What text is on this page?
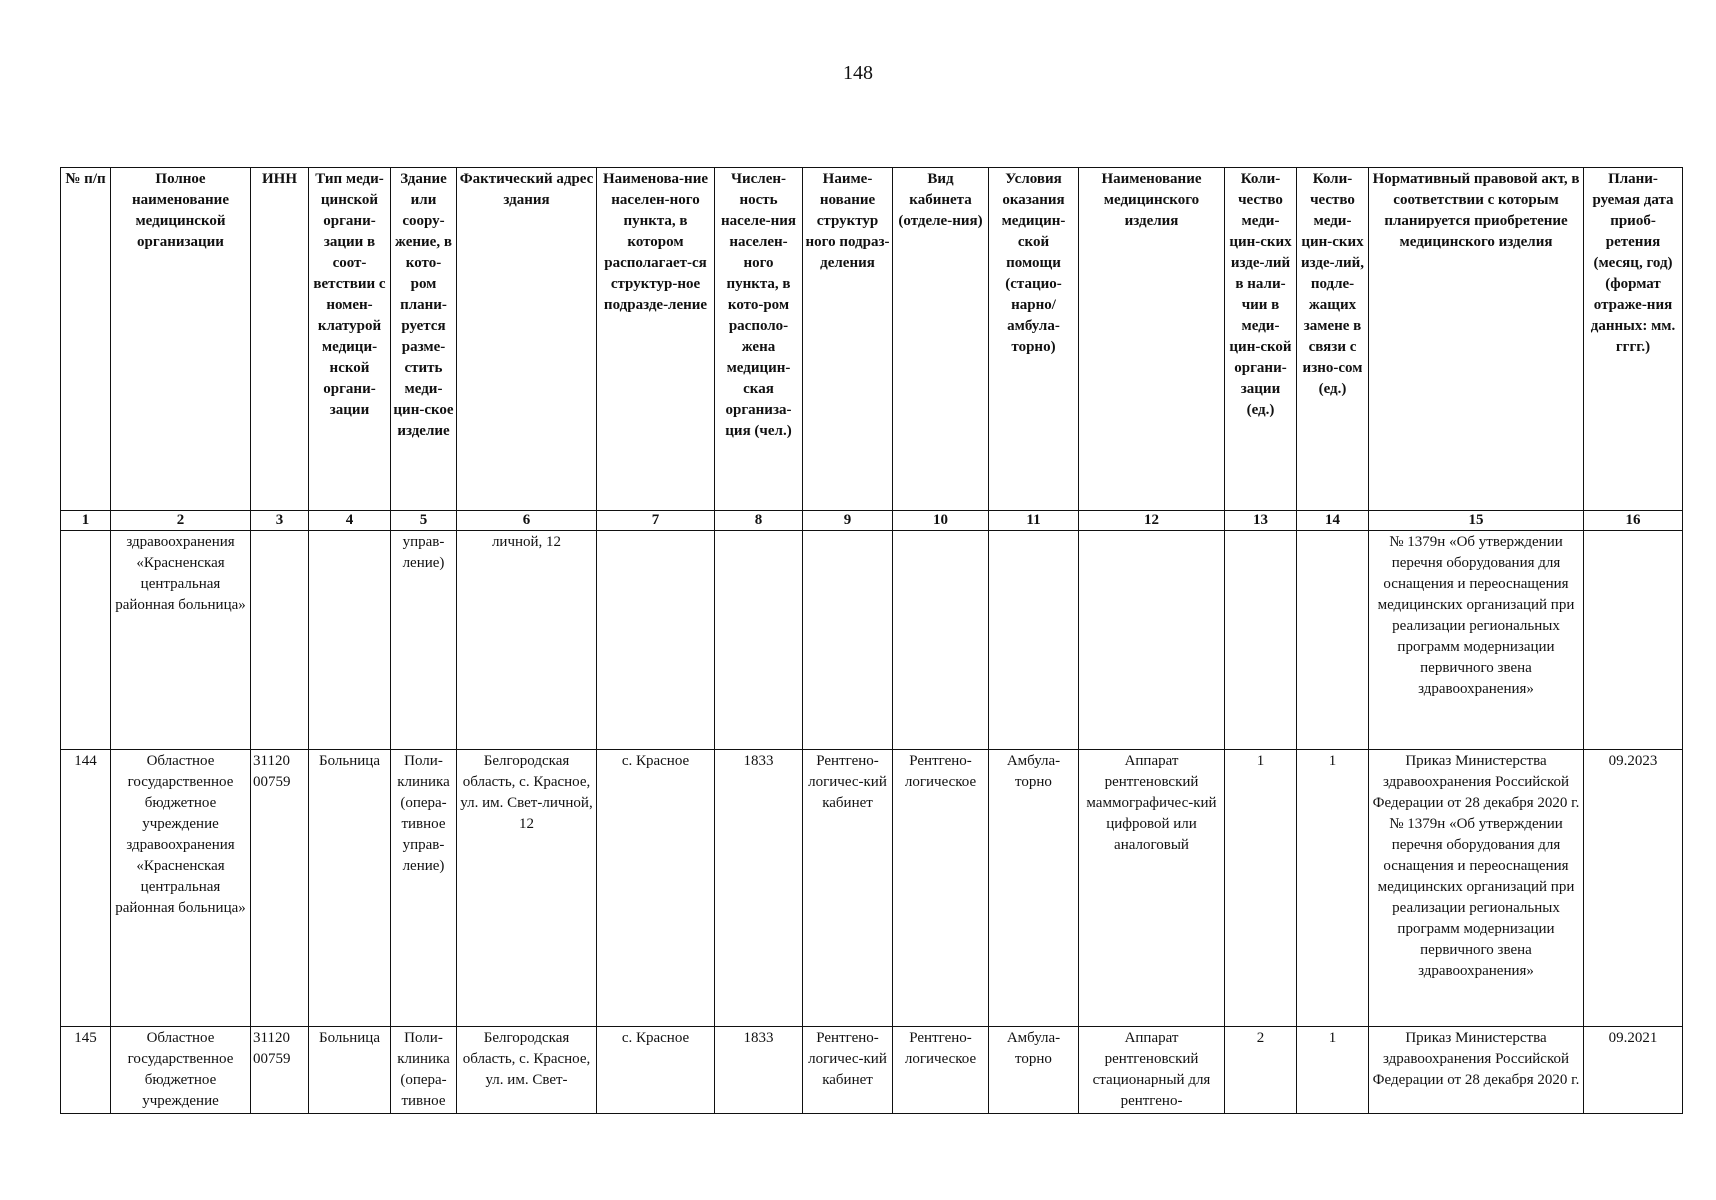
148
№ п/п	Полное наименование медицинской организации	ИНН	Тип меди-цинской органи-зации в соот-ветствии с номен-клатурой медици-нской органи-зации	Здание или соору-жение, в кото-ром плани-руется разме-стить меди-цин-ское изделие	Фактический адрес здания	Наименова-ние населен-ного пункта, в котором располагает-ся структур-ное подразде-ление	Числен-ность населе-ния населен-ного пункта, в кото-ром располо-жена медицин-ская организа-ция (чел.)	Наиме-нование структур ного подраз-деления	Вид кабинета (отделе-ния)	Условия оказания медицин-ской помощи (стацио-нарно/ амбула-торно)	Наименование медицинского изделия	Коли-чество меди-цин-ских изде-лий в нали-чии в меди-цин-ской органи-зации (ед.)	Коли-чество меди-цин-ских изде-лий, подле-жащих замене в связи с изно-сом (ед.)	Нормативный правовой акт, в соответствии с которым планируется приобретение медицинского изделия	Плани-руемая дата приоб-ретения (месяц, год) (формат отраже-ния данных: мм. гггг.)
1	2	3	4	5	6	7	8	9	10	11	12	13	14	15	16
	здравоохранения «Красненская центральная районная больница»			управ-ление)	личной, 12									№ 1379н «Об утверждении перечня оборудования для оснащения и переоснащения медицинских организаций при реализации региональных программ модернизации первичного звена здравоохранения»	
144	Областное государственное бюджетное учреждение здравоохранения «Красненская центральная районная больница»	31120 00759	Больница	Поли-клиника (опера-тивное управ-ление)	Белгородская область, с. Красное, ул. им. Свет-личной, 12	с. Красное	1833	Рентгено-логичес-кий кабинет	Рентгено-логическое	Амбула-торно	Аппарат рентгеновский маммографичес-кий цифровой или аналоговый	1	1	Приказ Министерства здравоохранения Российской Федерации от 28 декабря 2020 г. № 1379н «Об утверждении перечня оборудования для оснащения и переоснащения медицинских организаций при реализации региональных программ модернизации первичного звена здравоохранения»	09.2023
145	Областное государственное бюджетное учреждение	31120 00759	Больница	Поли-клиника (опера-тивное	Белгородская область, с. Красное, ул. им. Свет-	с. Красное	1833	Рентгено-логичес-кий кабинет	Рентгено-логическое	Амбула-торно	Аппарат рентгеновский стационарный для рентгено-	2	1	Приказ Министерства здравоохранения Российской Федерации от 28 декабря 2020 г.	09.2021
